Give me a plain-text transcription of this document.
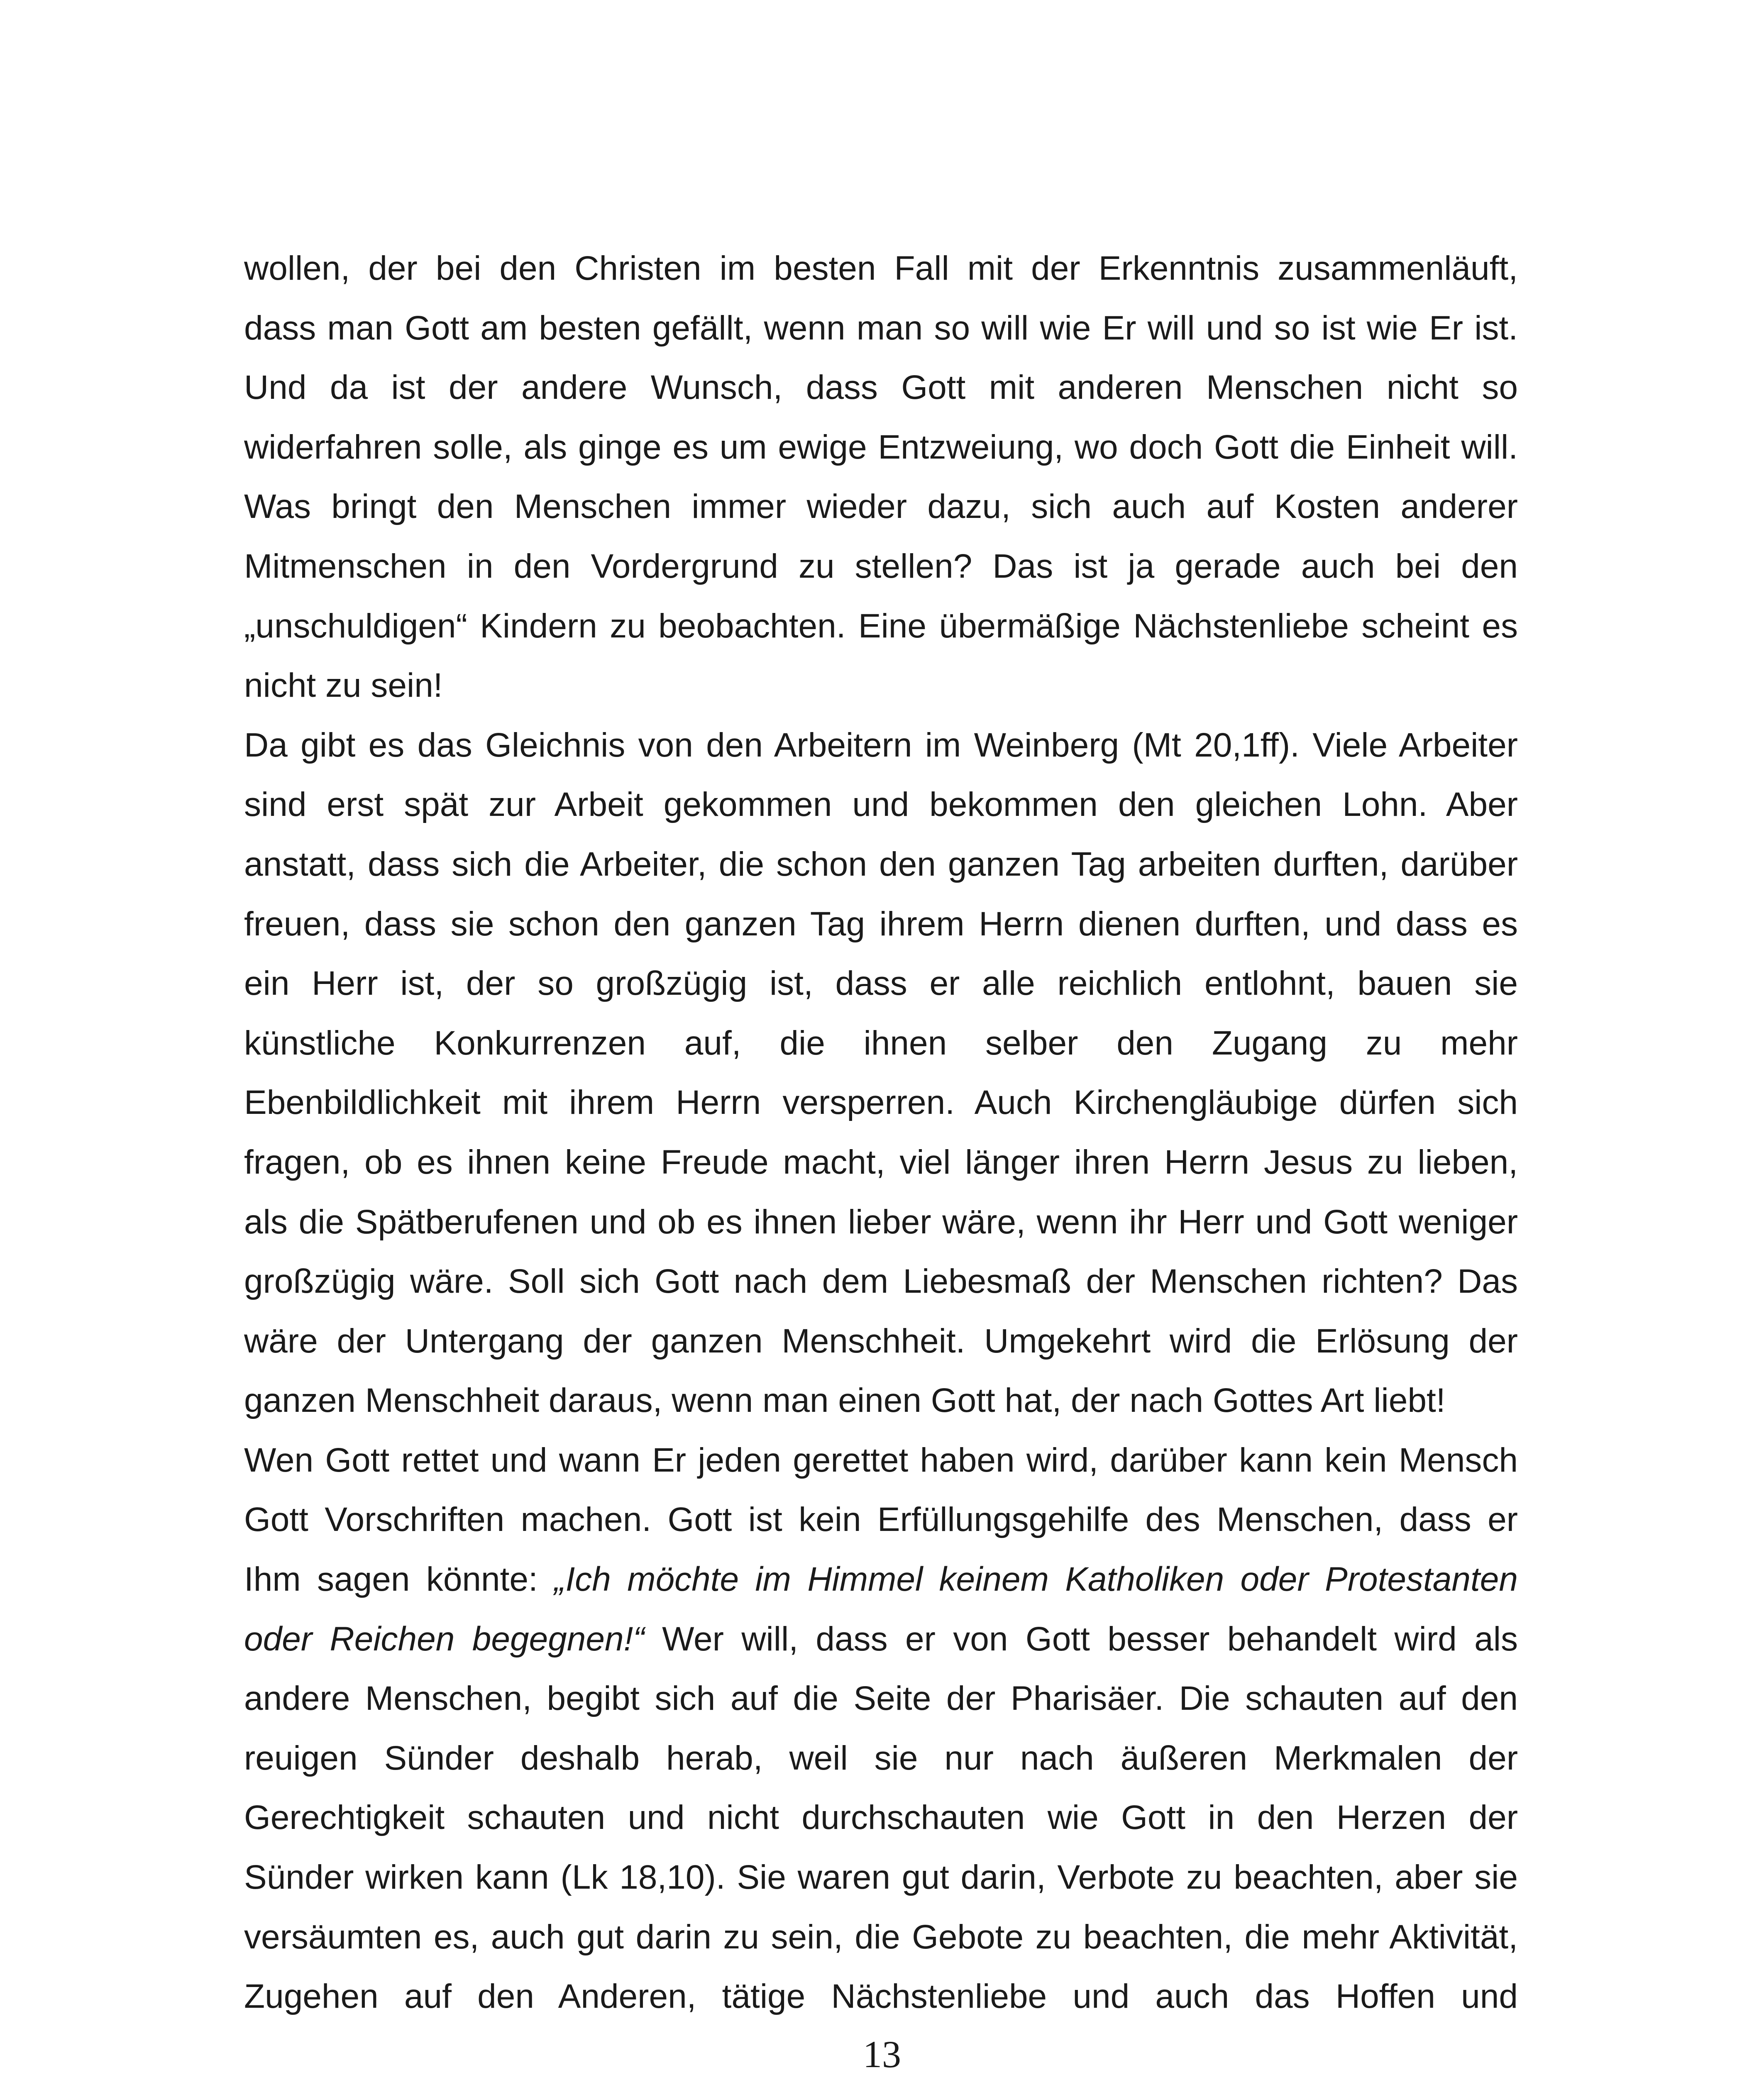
wollen, der bei den Christen im besten Fall mit der Erkenntnis zusammenläuft,
dass man Gott am besten gefällt, wenn man so will wie Er will und so ist wie Er ist.
Und da ist der andere Wunsch, dass Gott mit anderen Menschen nicht so
widerfahren solle, als ginge es um ewige Entzweiung, wo doch Gott die Einheit will.
Was bringt den Menschen immer wieder dazu, sich auch auf Kosten anderer
Mitmenschen in den Vordergrund zu stellen? Das ist ja gerade auch bei den
„unschuldigen“ Kindern zu beobachten. Eine übermäßige Nächstenliebe scheint es
nicht zu sein!
Da gibt es das Gleichnis von den Arbeitern im Weinberg (Mt 20,1ff). Viele Arbeiter
sind erst spät zur Arbeit gekommen und bekommen den gleichen Lohn. Aber
anstatt, dass sich die Arbeiter, die schon den ganzen Tag arbeiten durften, darüber
freuen, dass sie schon den ganzen Tag ihrem Herrn dienen durften, und dass es
ein Herr ist, der so großzügig ist, dass er alle reichlich entlohnt, bauen sie
künstliche Konkurrenzen auf, die ihnen selber den Zugang zu mehr
Ebenbildlichkeit mit ihrem Herrn versperren. Auch Kirchengläubige dürfen sich
fragen, ob es ihnen keine Freude macht, viel länger ihren Herrn Jesus zu lieben,
als die Spätberufenen und ob es ihnen lieber wäre, wenn ihr Herr und Gott weniger
großzügig wäre. Soll sich Gott nach dem Liebesmaß der Menschen richten? Das
wäre der Untergang der ganzen Menschheit. Umgekehrt wird die Erlösung der
ganzen Menschheit daraus, wenn man einen Gott hat, der nach Gottes Art liebt!
Wen Gott rettet und wann Er jeden gerettet haben wird, darüber kann kein Mensch
Gott Vorschriften machen. Gott ist kein Erfüllungsgehilfe des Menschen, dass er
Ihm sagen könnte: „Ich möchte im Himmel keinem Katholiken oder Protestanten
oder Reichen begegnen!“ Wer will, dass er von Gott besser behandelt wird als
andere Menschen, begibt sich auf die Seite der Pharisäer. Die schauten auf den
reuigen Sünder deshalb herab, weil sie nur nach äußeren Merkmalen der
Gerechtigkeit schauten und nicht durchschauten wie Gott in den Herzen der
Sünder wirken kann (Lk 18,10). Sie waren gut darin, Verbote zu beachten, aber sie
versäumten es, auch gut darin zu sein, die Gebote zu beachten, die mehr Aktivität,
Zugehen auf den Anderen, tätige Nächstenliebe und auch das Hoffen und
13
